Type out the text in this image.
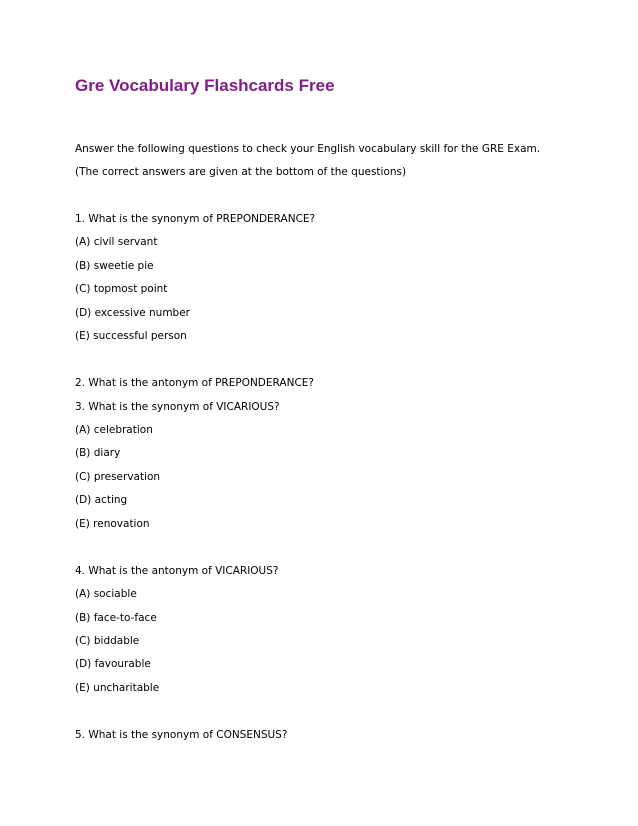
Gre Vocabulary Flashcards Free
Answer the following questions to check your English vocabulary skill for the GRE Exam.
(The correct answers are given at the bottom of the questions)
1. What is the synonym of PREPONDERANCE?
(A) civil servant
(B) sweetie pie
(C) topmost point
(D) excessive number
(E) successful person
2. What is the antonym of PREPONDERANCE?
3. What is the synonym of VICARIOUS?
(A) celebration
(B) diary
(C) preservation
(D) acting
(E) renovation
4. What is the antonym of VICARIOUS?
(A) sociable
(B) face-to-face
(C) biddable
(D) favourable
(E) uncharitable
5. What is the synonym of CONSENSUS?
